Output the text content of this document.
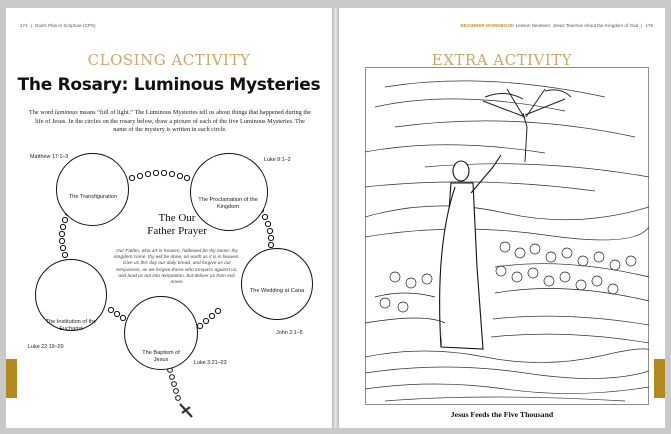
174 | God's Plan in Scripture (CPS)
CLOSING ACTIVITY
The Rosary: Luminous Mysteries
The word luminous means “full of light.” The Luminous Mysteries tell us about things that happened during the life of Jesus. In the circles on the rosary below, draw a picture of each of the five Luminous Mysteries. The name of the mystery is written in each circle.
The Transfiguration
Matthew 17:1–3
The Proclamation of the Kingdom
Luke 9:1–2
The Wedding at Cana
John 2:1–5
The Baptism of Jesus	Luke 3:21–23
The Institution of the Eucharist
Luke 22:19–20
The Our
Father Prayer
Our Father, who art in heaven, hallowed be thy name; thy kingdom come, thy will be done, on earth as it is in heaven. Give us this day our daily bread, and forgive us our trespasses, as we forgive those who trespass against us; and lead us not into temptation, but deliver us from evil. Amen.
BEGINNER WORKBOOK Lesson Nineteen: Jesus Teaches About the Kingdom of God | 175
EXTRA ACTIVITY
Jesus Feeds the Five Thousand
